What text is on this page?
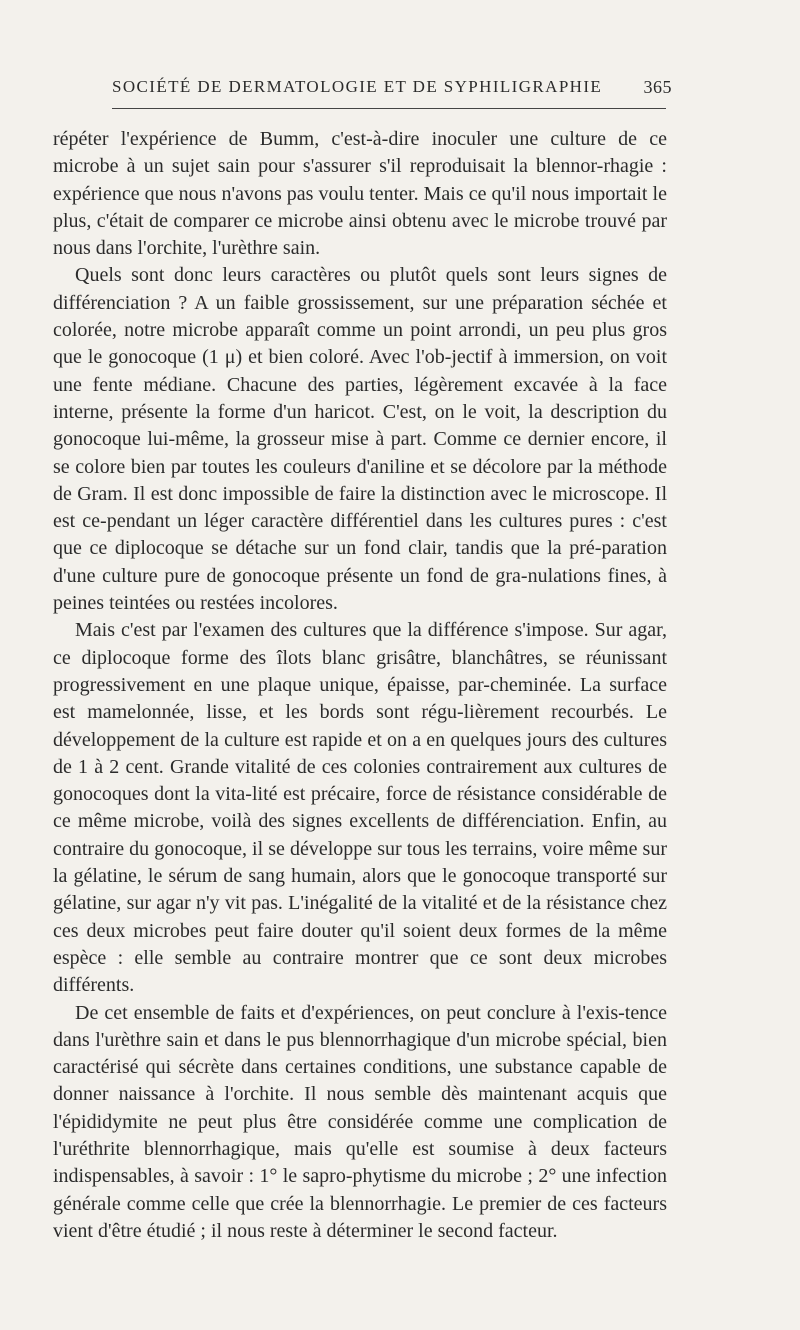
SOCIÉTÉ DE DERMATOLOGIE ET DE SYPHILIGRAPHIE 365

répéter l'expérience de Bumm, c'est-à-dire inoculer une culture de ce microbe à un sujet sain pour s'assurer s'il reproduisait la blennor-rhagie : expérience que nous n'avons pas voulu tenter. Mais ce qu'il nous importait le plus, c'était de comparer ce microbe ainsi obtenu avec le microbe trouvé par nous dans l'orchite, l'urèthre sain.

Quels sont donc leurs caractères ou plutôt quels sont leurs signes de différenciation ? A un faible grossissement, sur une préparation séchée et colorée, notre microbe apparaît comme un point arrondi, un peu plus gros que le gonocoque (1 μ) et bien coloré. Avec l'ob-jectif à immersion, on voit une fente médiane. Chacune des parties, légèrement excavée à la face interne, présente la forme d'un haricot. C'est, on le voit, la description du gonocoque lui-même, la grosseur mise à part. Comme ce dernier encore, il se colore bien par toutes les couleurs d'aniline et se décolore par la méthode de Gram. Il est donc impossible de faire la distinction avec le microscope. Il est ce-pendant un léger caractère différentiel dans les cultures pures : c'est que ce diplocoque se détache sur un fond clair, tandis que la pré-paration d'une culture pure de gonocoque présente un fond de gra-nulations fines, à peines teintées ou restées incolores.

Mais c'est par l'examen des cultures que la différence s'impose. Sur agar, ce diplocoque forme des îlots blanc grisâtre, blanchâtres, se réunissant progressivement en une plaque unique, épaisse, par-cheminée. La surface est mamelonnée, lisse, et les bords sont régu-lièrement recourbés. Le développement de la culture est rapide et on a en quelques jours des cultures de 1 à 2 cent. Grande vitalité de ces colonies contrairement aux cultures de gonocoques dont la vita-lité est précaire, force de résistance considérable de ce même microbe, voilà des signes excellents de différenciation. Enfin, au contraire du gonocoque, il se développe sur tous les terrains, voire même sur la gélatine, le sérum de sang humain, alors que le gonocoque transporté sur gélatine, sur agar n'y vit pas. L'inégalité de la vitalité et de la résistance chez ces deux microbes peut faire douter qu'il soient deux formes de la même espèce : elle semble au contraire montrer que ce sont deux microbes différents.

De cet ensemble de faits et d'expériences, on peut conclure à l'exis-tence dans l'urèthre sain et dans le pus blennorrhagique d'un microbe spécial, bien caractérisé qui sécrète dans certaines conditions, une substance capable de donner naissance à l'orchite. Il nous semble dès maintenant acquis que l'épididymite ne peut plus être considérée comme une complication de l'uréthrite blennorrhagique, mais qu'elle est soumise à deux facteurs indispensables, à savoir : 1° le sapro-phytisme du microbe ; 2° une infection générale comme celle que crée la blennorrhagie. Le premier de ces facteurs vient d'être étudié ; il nous reste à déterminer le second facteur.
